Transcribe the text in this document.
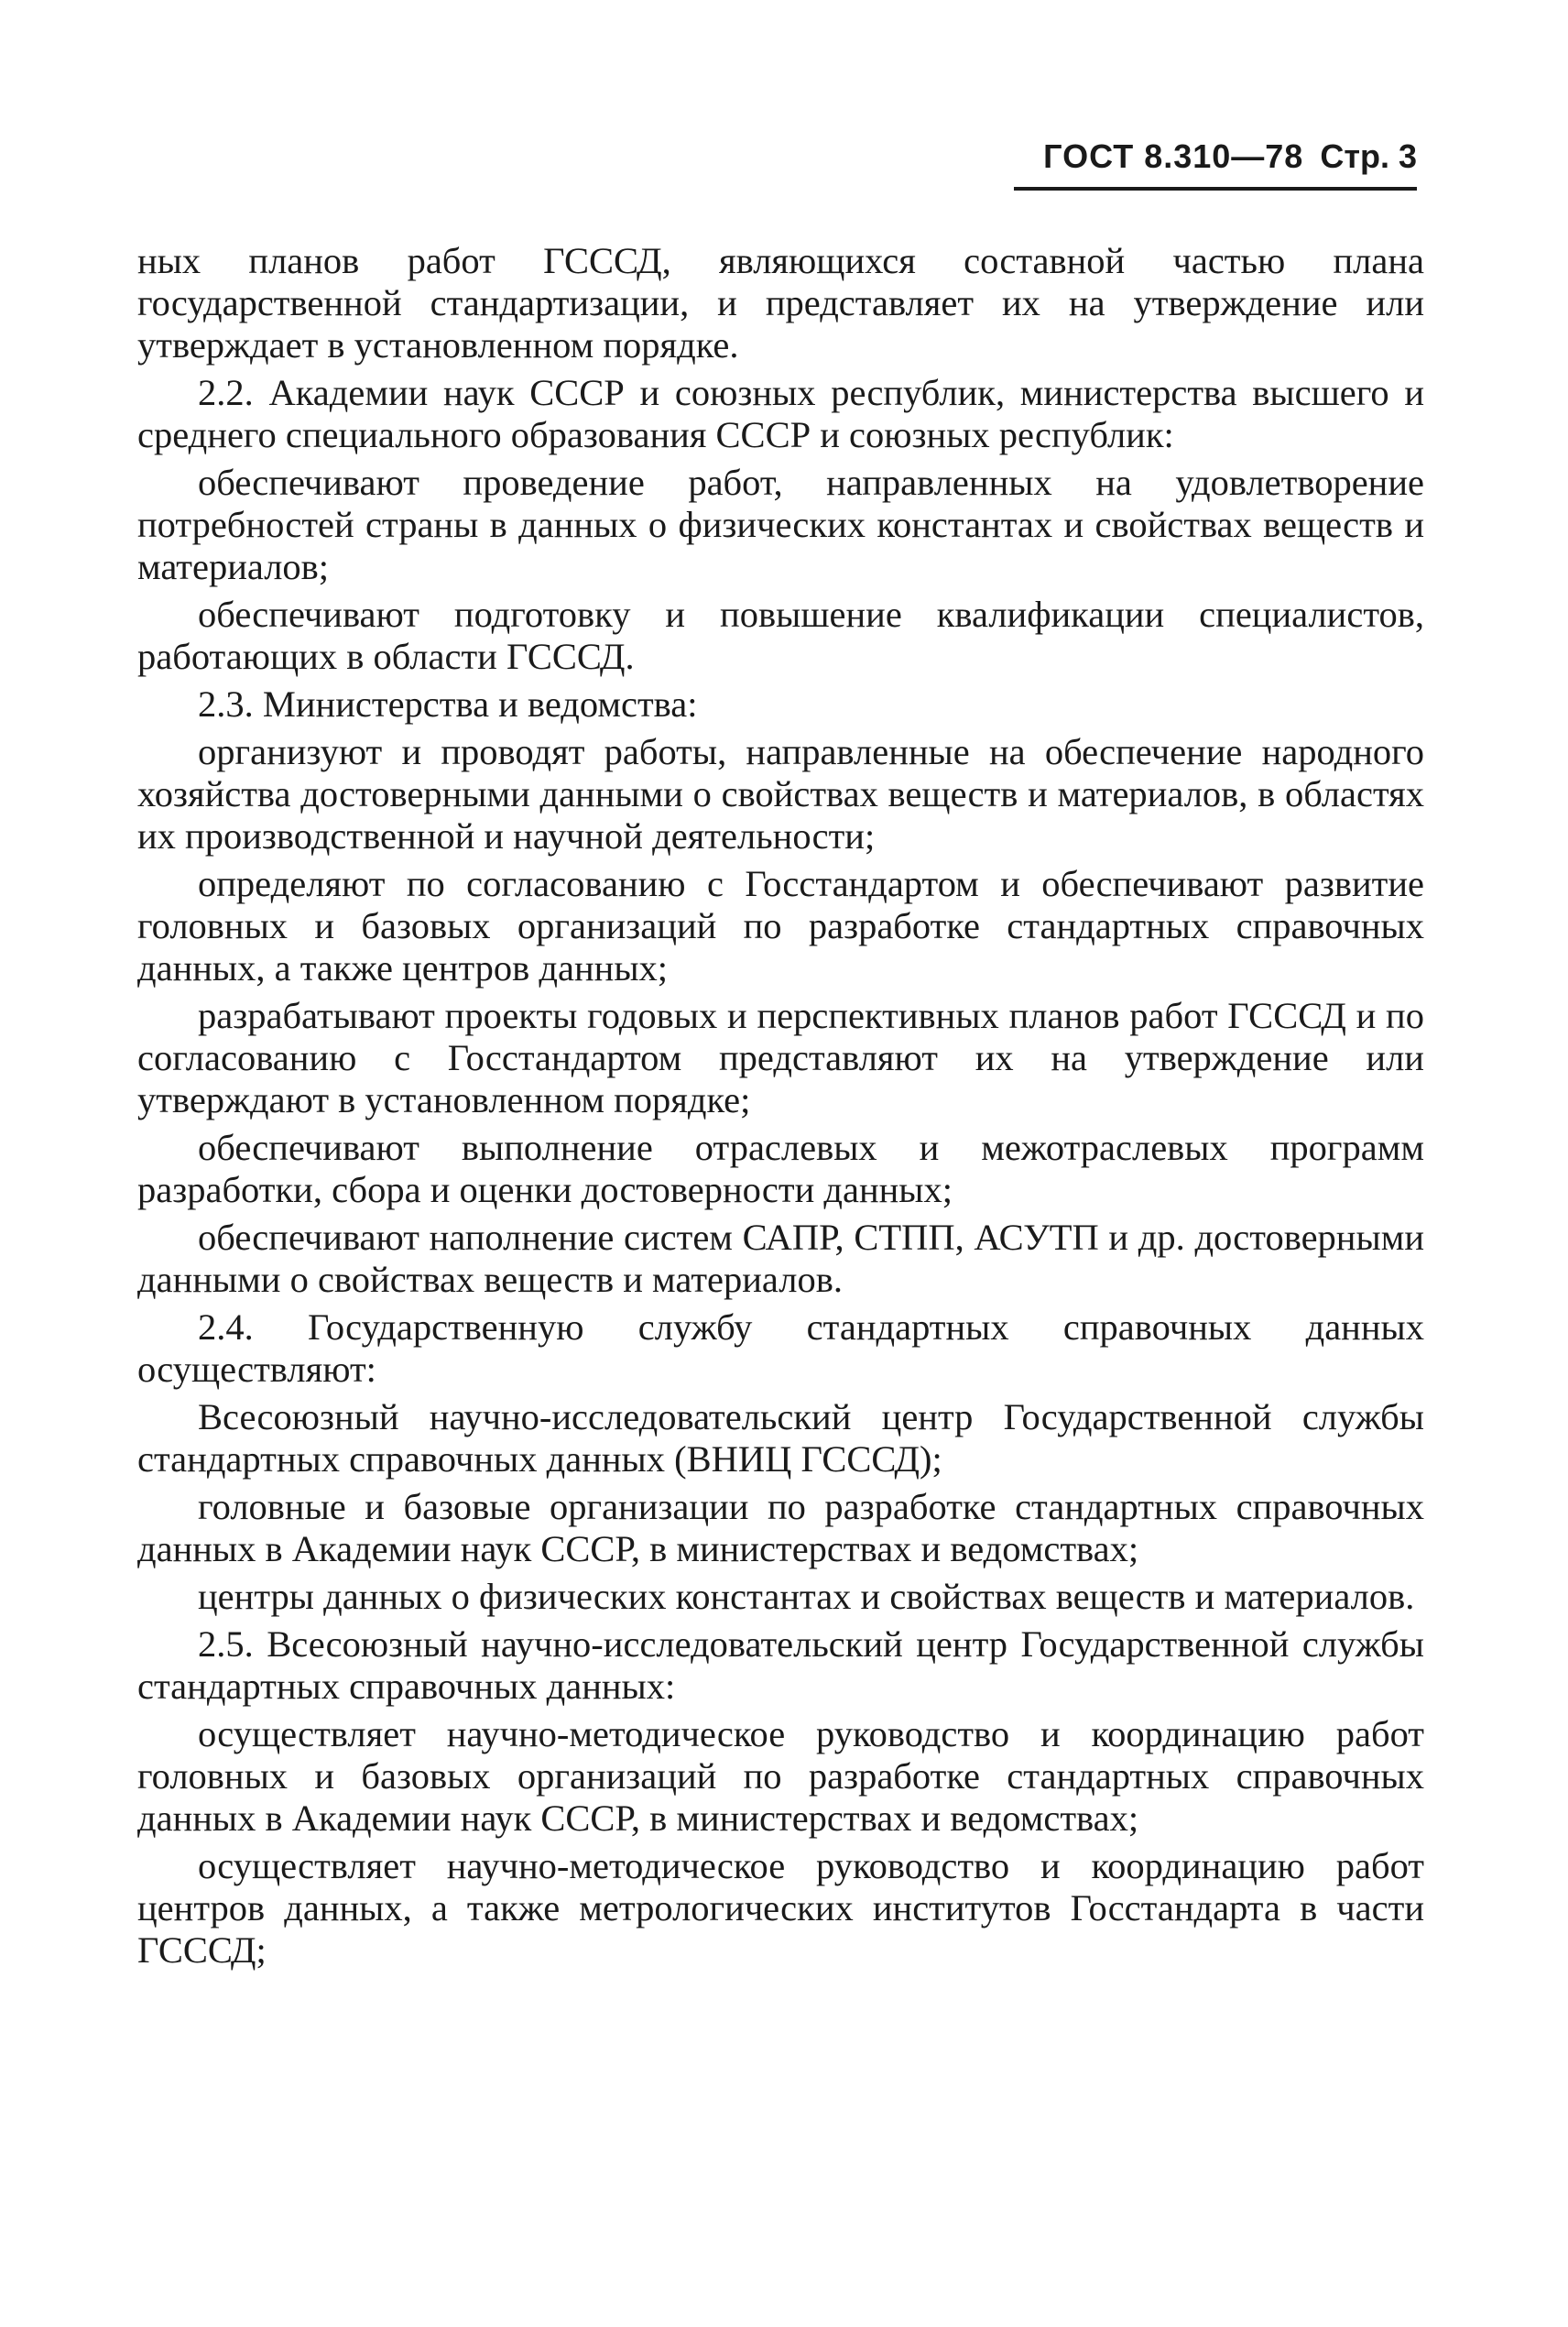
ГОСТ 8.310—78 Стр. 3

ных планов работ ГСССД, являющихся составной частью плана государственной стандартизации, и представляет их на утверждение или утверждает в установленном порядке.

2.2. Академии наук СССР и союзных республик, министерства высшего и среднего специального образования СССР и союзных республик:

обеспечивают проведение работ, направленных на удовлетворение потребностей страны в данных о физических константах и свойствах веществ и материалов;

обеспечивают подготовку и повышение квалификации специалистов, работающих в области ГСССД.

2.3. Министерства и ведомства:

организуют и проводят работы, направленные на обеспечение народного хозяйства достоверными данными о свойствах веществ и материалов, в областях их производственной и научной деятельности;

определяют по согласованию с Госстандартом и обеспечивают развитие головных и базовых организаций по разработке стандартных справочных данных, а также центров данных;

разрабатывают проекты годовых и перспективных планов работ ГСССД и по согласованию с Госстандартом представляют их на утверждение или утверждают в установленном порядке;

обеспечивают выполнение отраслевых и межотраслевых программ разработки, сбора и оценки достоверности данных;

обеспечивают наполнение систем САПР, СТПП, АСУТП и др. достоверными данными о свойствах веществ и материалов.

2.4. Государственную службу стандартных справочных данных осуществляют:

Всесоюзный научно-исследовательский центр Государственной службы стандартных справочных данных (ВНИЦ ГСССД);

головные и базовые организации по разработке стандартных справочных данных в Академии наук СССР, в министерствах и ведомствах;

центры данных о физических константах и свойствах веществ и материалов.

2.5. Всесоюзный научно-исследовательский центр Государственной службы стандартных справочных данных:

осуществляет научно-методическое руководство и координацию работ головных и базовых организаций по разработке стандартных справочных данных в Академии наук СССР, в министерствах и ведомствах;

осуществляет научно-методическое руководство и координацию работ центров данных, а также метрологических институтов Госстандарта в части ГСССД;
